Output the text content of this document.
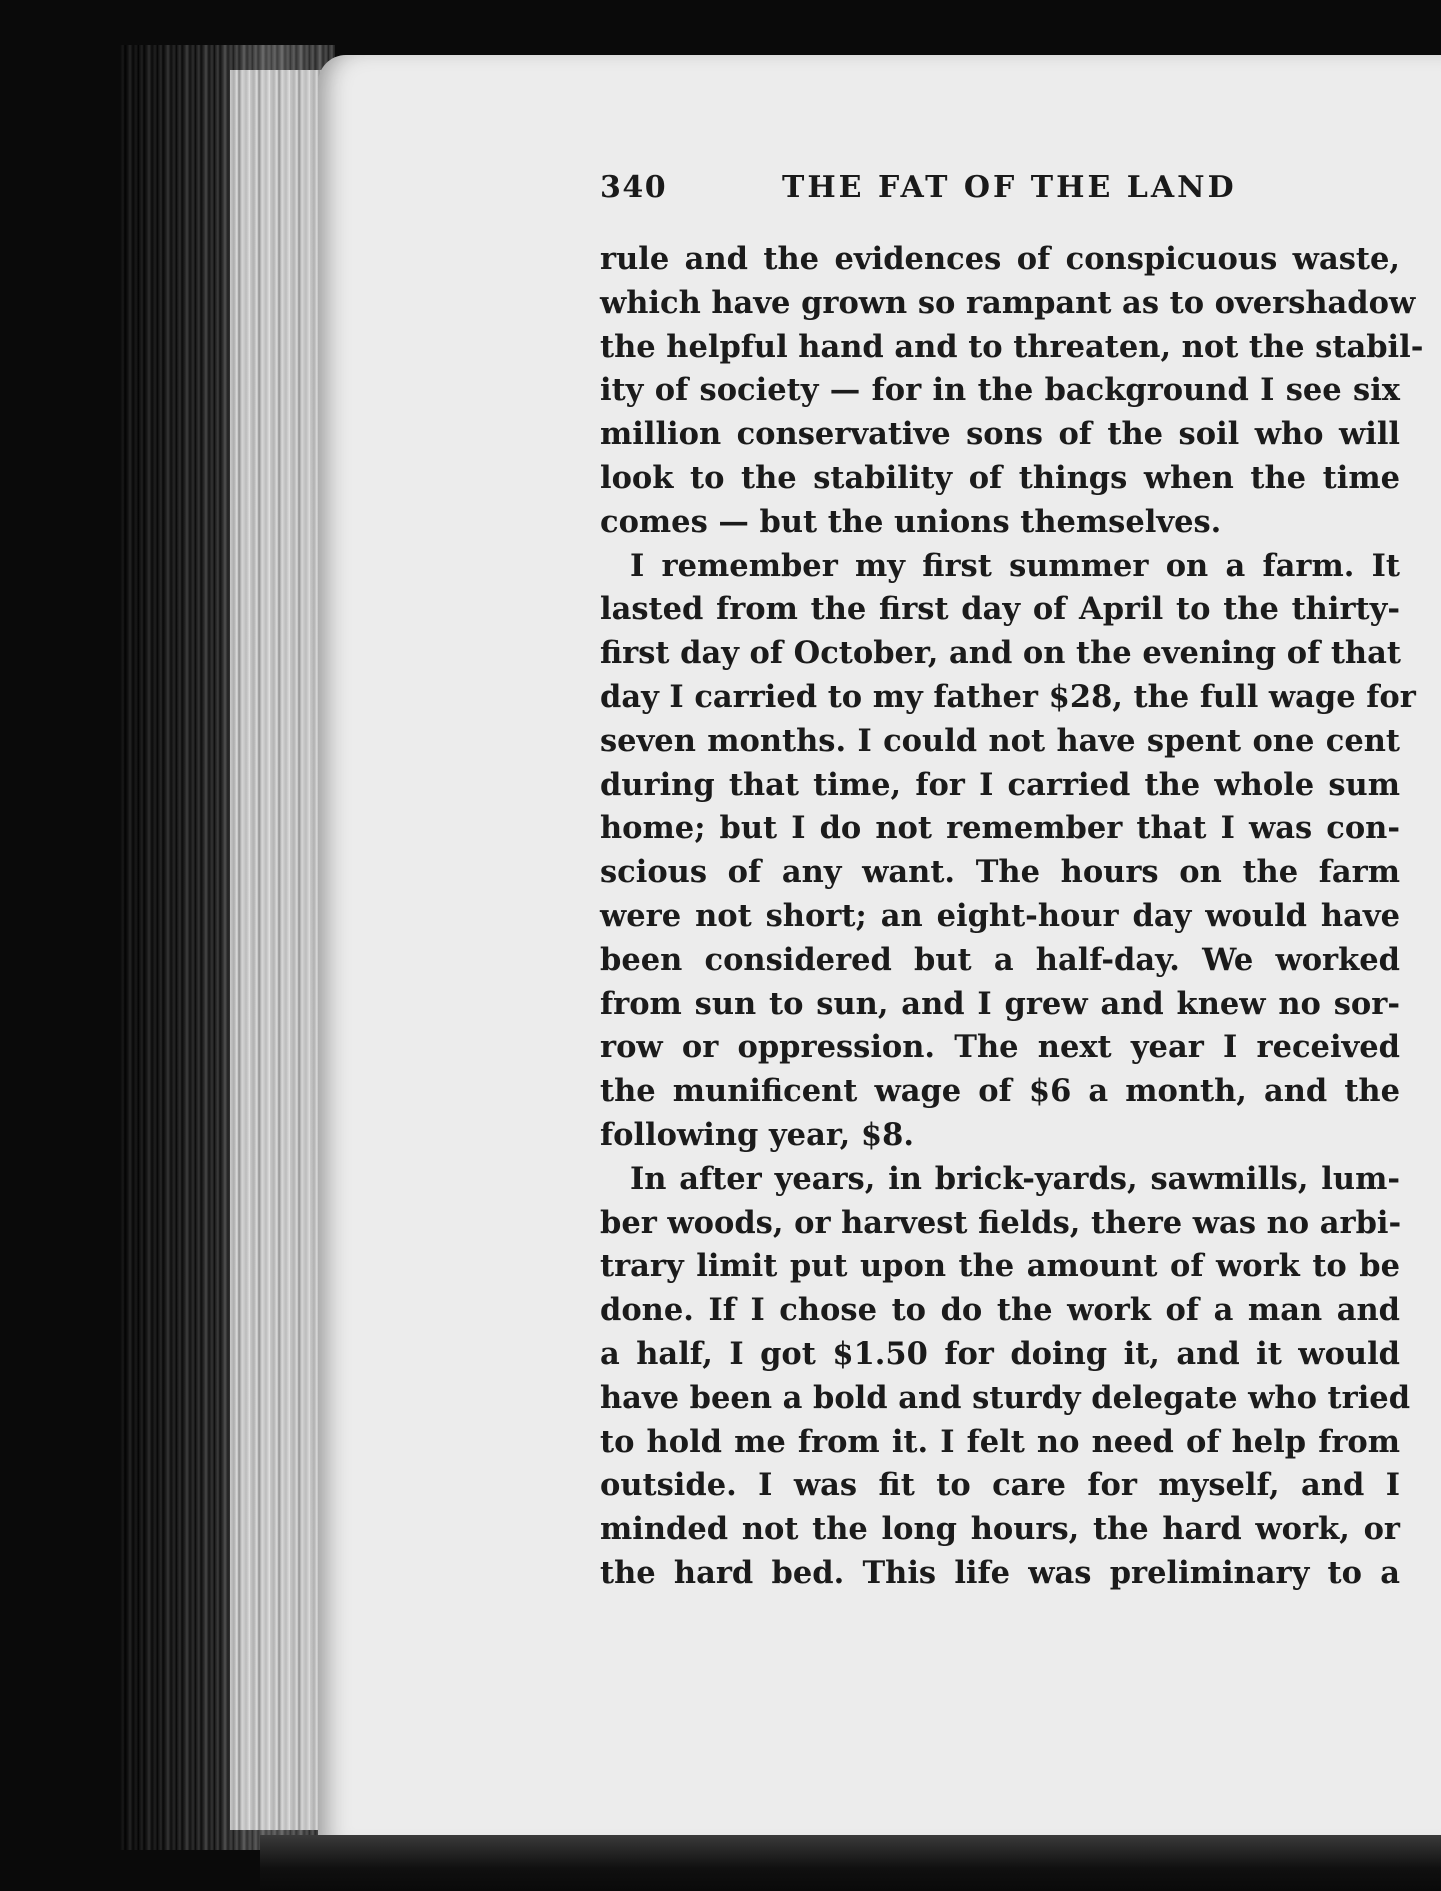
340	THE FAT OF THE LAND
rule and the evidences of conspicuous waste,
which have grown so rampant as to overshadow
the helpful hand and to threaten, not the stabil-
ity of society — for in the background I see six
million conservative sons of the soil who will
look to the stability of things when the time
comes — but the unions themselves.
I remember my first summer on a farm. It
lasted from the first day of April to the thirty-
first day of October, and on the evening of that
day I carried to my father $28, the full wage for
seven months. I could not have spent one cent
during that time, for I carried the whole sum
home; but I do not remember that I was con-
scious of any want. The hours on the farm
were not short; an eight-hour day would have
been considered but a half-day. We worked
from sun to sun, and I grew and knew no sor-
row or oppression. The next year I received
the munificent wage of $6 a month, and the
following year, $8.
In after years, in brick-yards, sawmills, lum-
ber woods, or harvest fields, there was no arbi-
trary limit put upon the amount of work to be
done. If I chose to do the work of a man and
a half, I got $1.50 for doing it, and it would
have been a bold and sturdy delegate who tried
to hold me from it. I felt no need of help from
outside. I was fit to care for myself, and I
minded not the long hours, the hard work, or
the hard bed. This life was preliminary to a
